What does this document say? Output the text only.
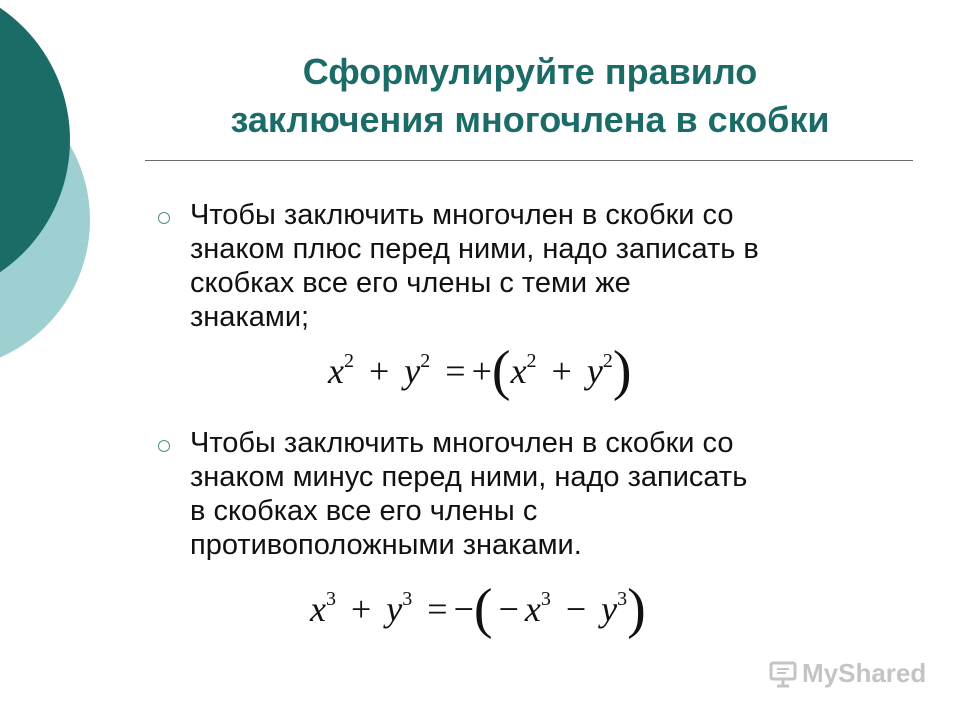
Сформулируйте правило
заключения многочлена в скобки
Чтобы заключить многочлен в скобки со
знаком плюс перед ними, надо записать в
скобках все его члены с теми же
знаками;
$x^2 + y^2 = +(x^2 + y^2)$
Чтобы заключить многочлен в скобки со
знаком минус перед ними, надо записать
в скобках все его члены с
противоположными знаками.
$x^3 + y^3$ = −( − $x^3 - y^3$)
MyShared
